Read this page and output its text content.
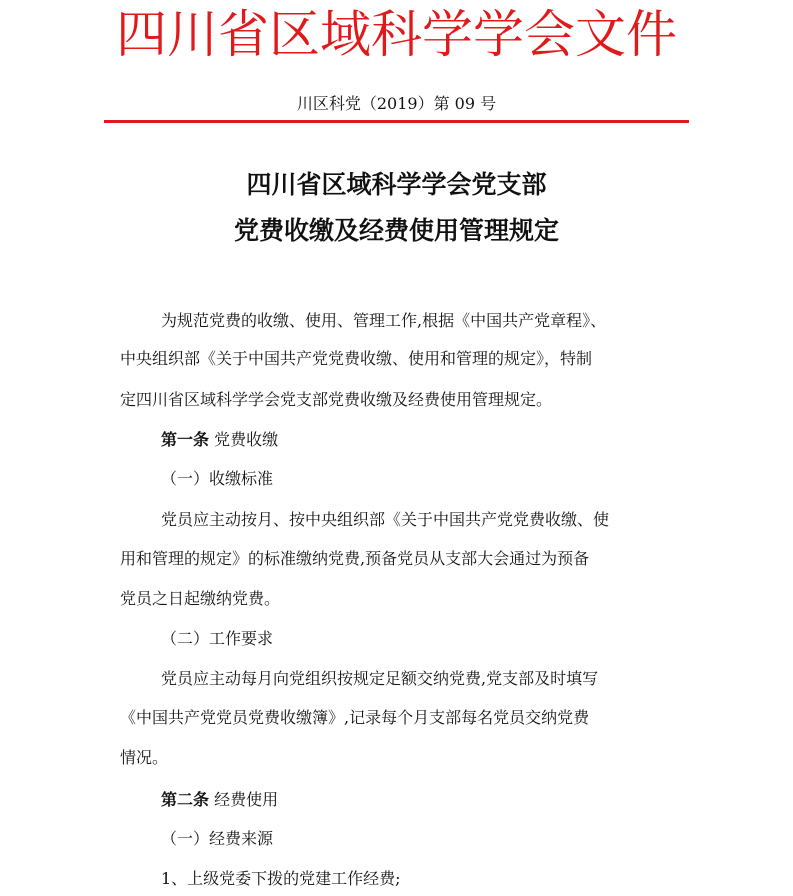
四川省区域科学学会文件
川区科党（2019）第 09 号
四川省区域科学学会党支部
党费收缴及经费使用管理规定
为规范党费的收缴、使用、管理工作,根据《中国共产党章程》、
中央组织部《关于中国共产党党费收缴、使用和管理的规定》，特制
定四川省区域科学学会党支部党费收缴及经费使用管理规定。
第一条 党费收缴
（一）收缴标准
党员应主动按月、按中央组织部《关于中国共产党党费收缴、使
用和管理的规定》的标准缴纳党费,预备党员从支部大会通过为预备
党员之日起缴纳党费。
（二）工作要求
党员应主动每月向党组织按规定足额交纳党费,党支部及时填写
《中国共产党党员党费收缴簿》,记录每个月支部每名党员交纳党费
情况。
第二条 经费使用
（一）经费来源
1、上级党委下拨的党建工作经费;
